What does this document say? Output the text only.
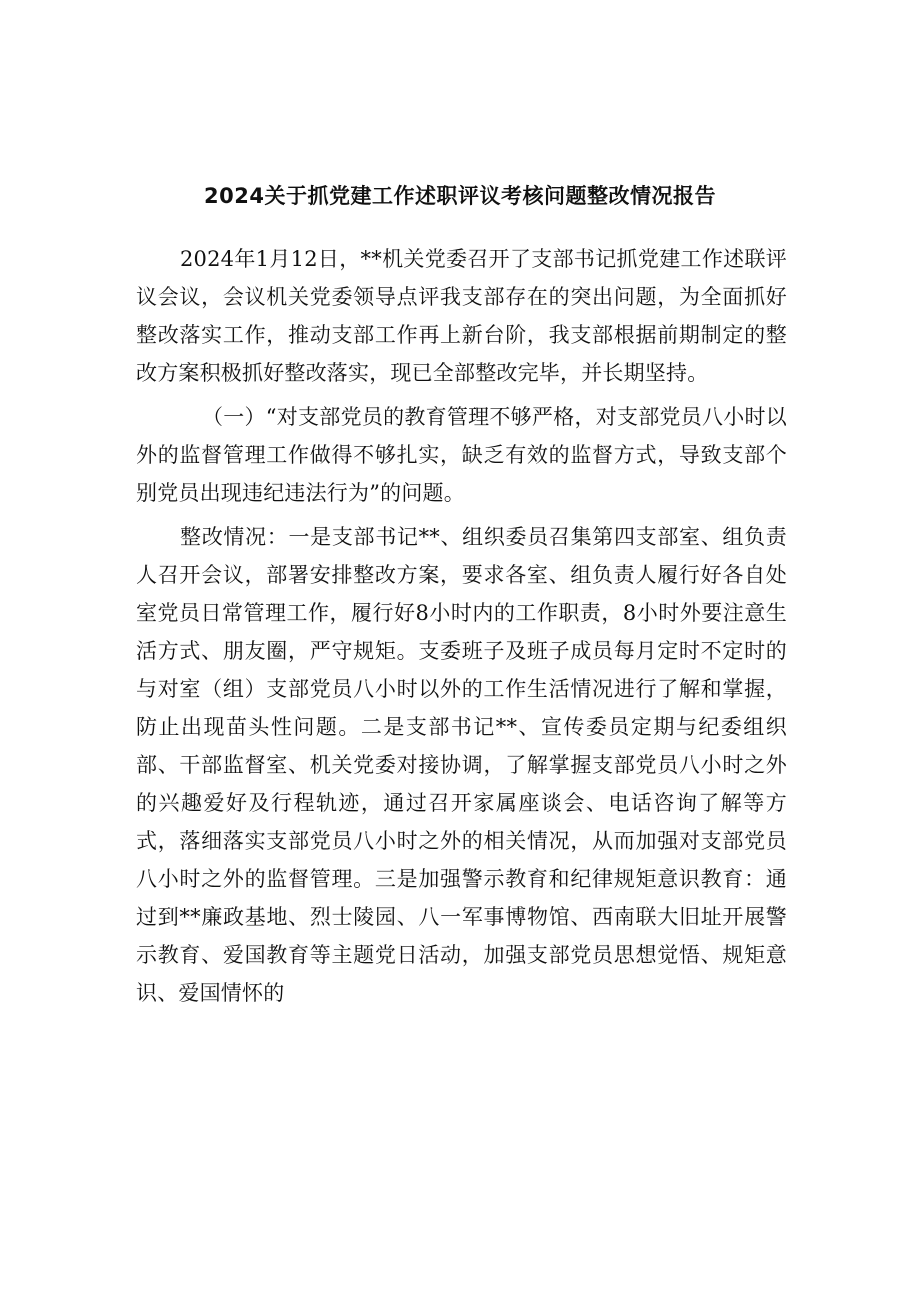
2024关于抓党建工作述职评议考核问题整改情况报告

2024年1月12日，**机关党委召开了支部书记抓党建工作述联评议会议，会议机关党委领导点评我支部存在的突出问题，为全面抓好整改落实工作，推动支部工作再上新台阶，我支部根据前期制定的整改方案积极抓好整改落实，现已全部整改完毕，并长期坚持。

（一）“对支部党员的教育管理不够严格，对支部党员八小时以外的监督管理工作做得不够扎实，缺乏有效的监督方式，导致支部个别党员出现违纪违法行为”的问题。

整改情况：一是支部书记**、组织委员召集第四支部室、组负责人召开会议，部署安排整改方案，要求各室、组负责人履行好各自处室党员日常管理工作，履行好8小时内的工作职责，8小时外要注意生活方式、朋友圈，严守规矩。支委班子及班子成员每月定时不定时的与对室（组）支部党员八小时以外的工作生活情况进行了解和掌握，防止出现苗头性问题。二是支部书记**、宣传委员定期与纪委组织部、干部监督室、机关党委对接协调，了解掌握支部党员八小时之外的兴趣爱好及行程轨迹，通过召开家属座谈会、电话咨询了解等方式，落细落实支部党员八小时之外的相关情况，从而加强对支部党员八小时之外的监督管理。三是加强警示教育和纪律规矩意识教育：通过到**廉政基地、烈士陵园、八一军事博物馆、西南联大旧址开展警示教育、爱国教育等主题党日活动，加强支部党员思想觉悟、规矩意识、爱国情怀的
